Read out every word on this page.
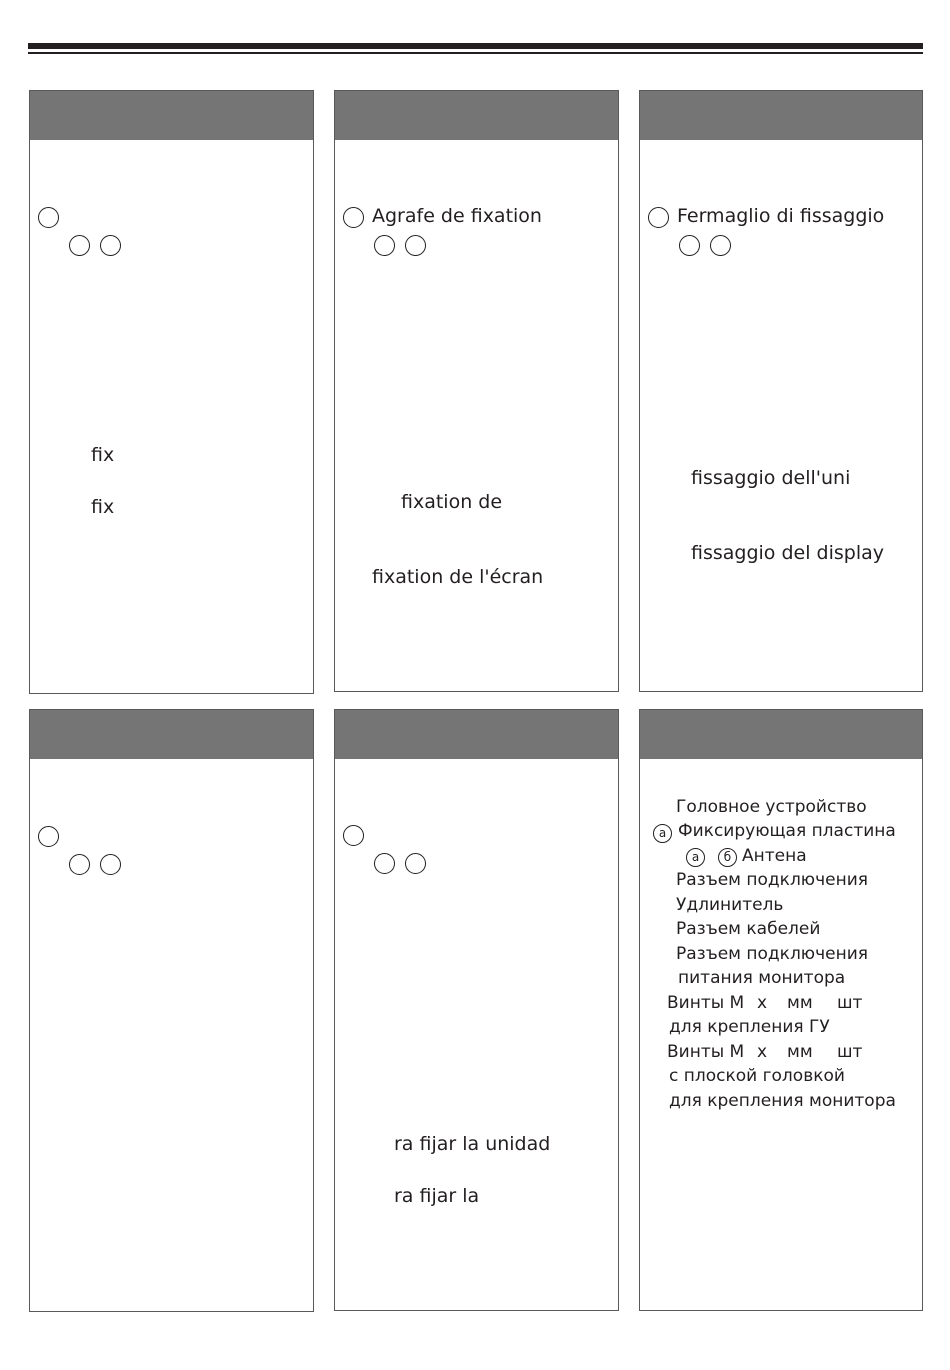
fix
fix
Agrafe de fixation
fixation de
fixation de l'écran
Fermaglio di fissaggio
fissaggio dell'uni
fissaggio del display
ra fijar la unidad
ra fijar la
Головное устройство
а Фиксирующая пластина
а	б Антена
Разъем подключения
Удлинитель
Разъем кабелей
Разъем подключения
питания монитора
Винты М х мм шт
для крепления ГУ
Винты М х мм шт
с плоской головкой
для крепления монитора
